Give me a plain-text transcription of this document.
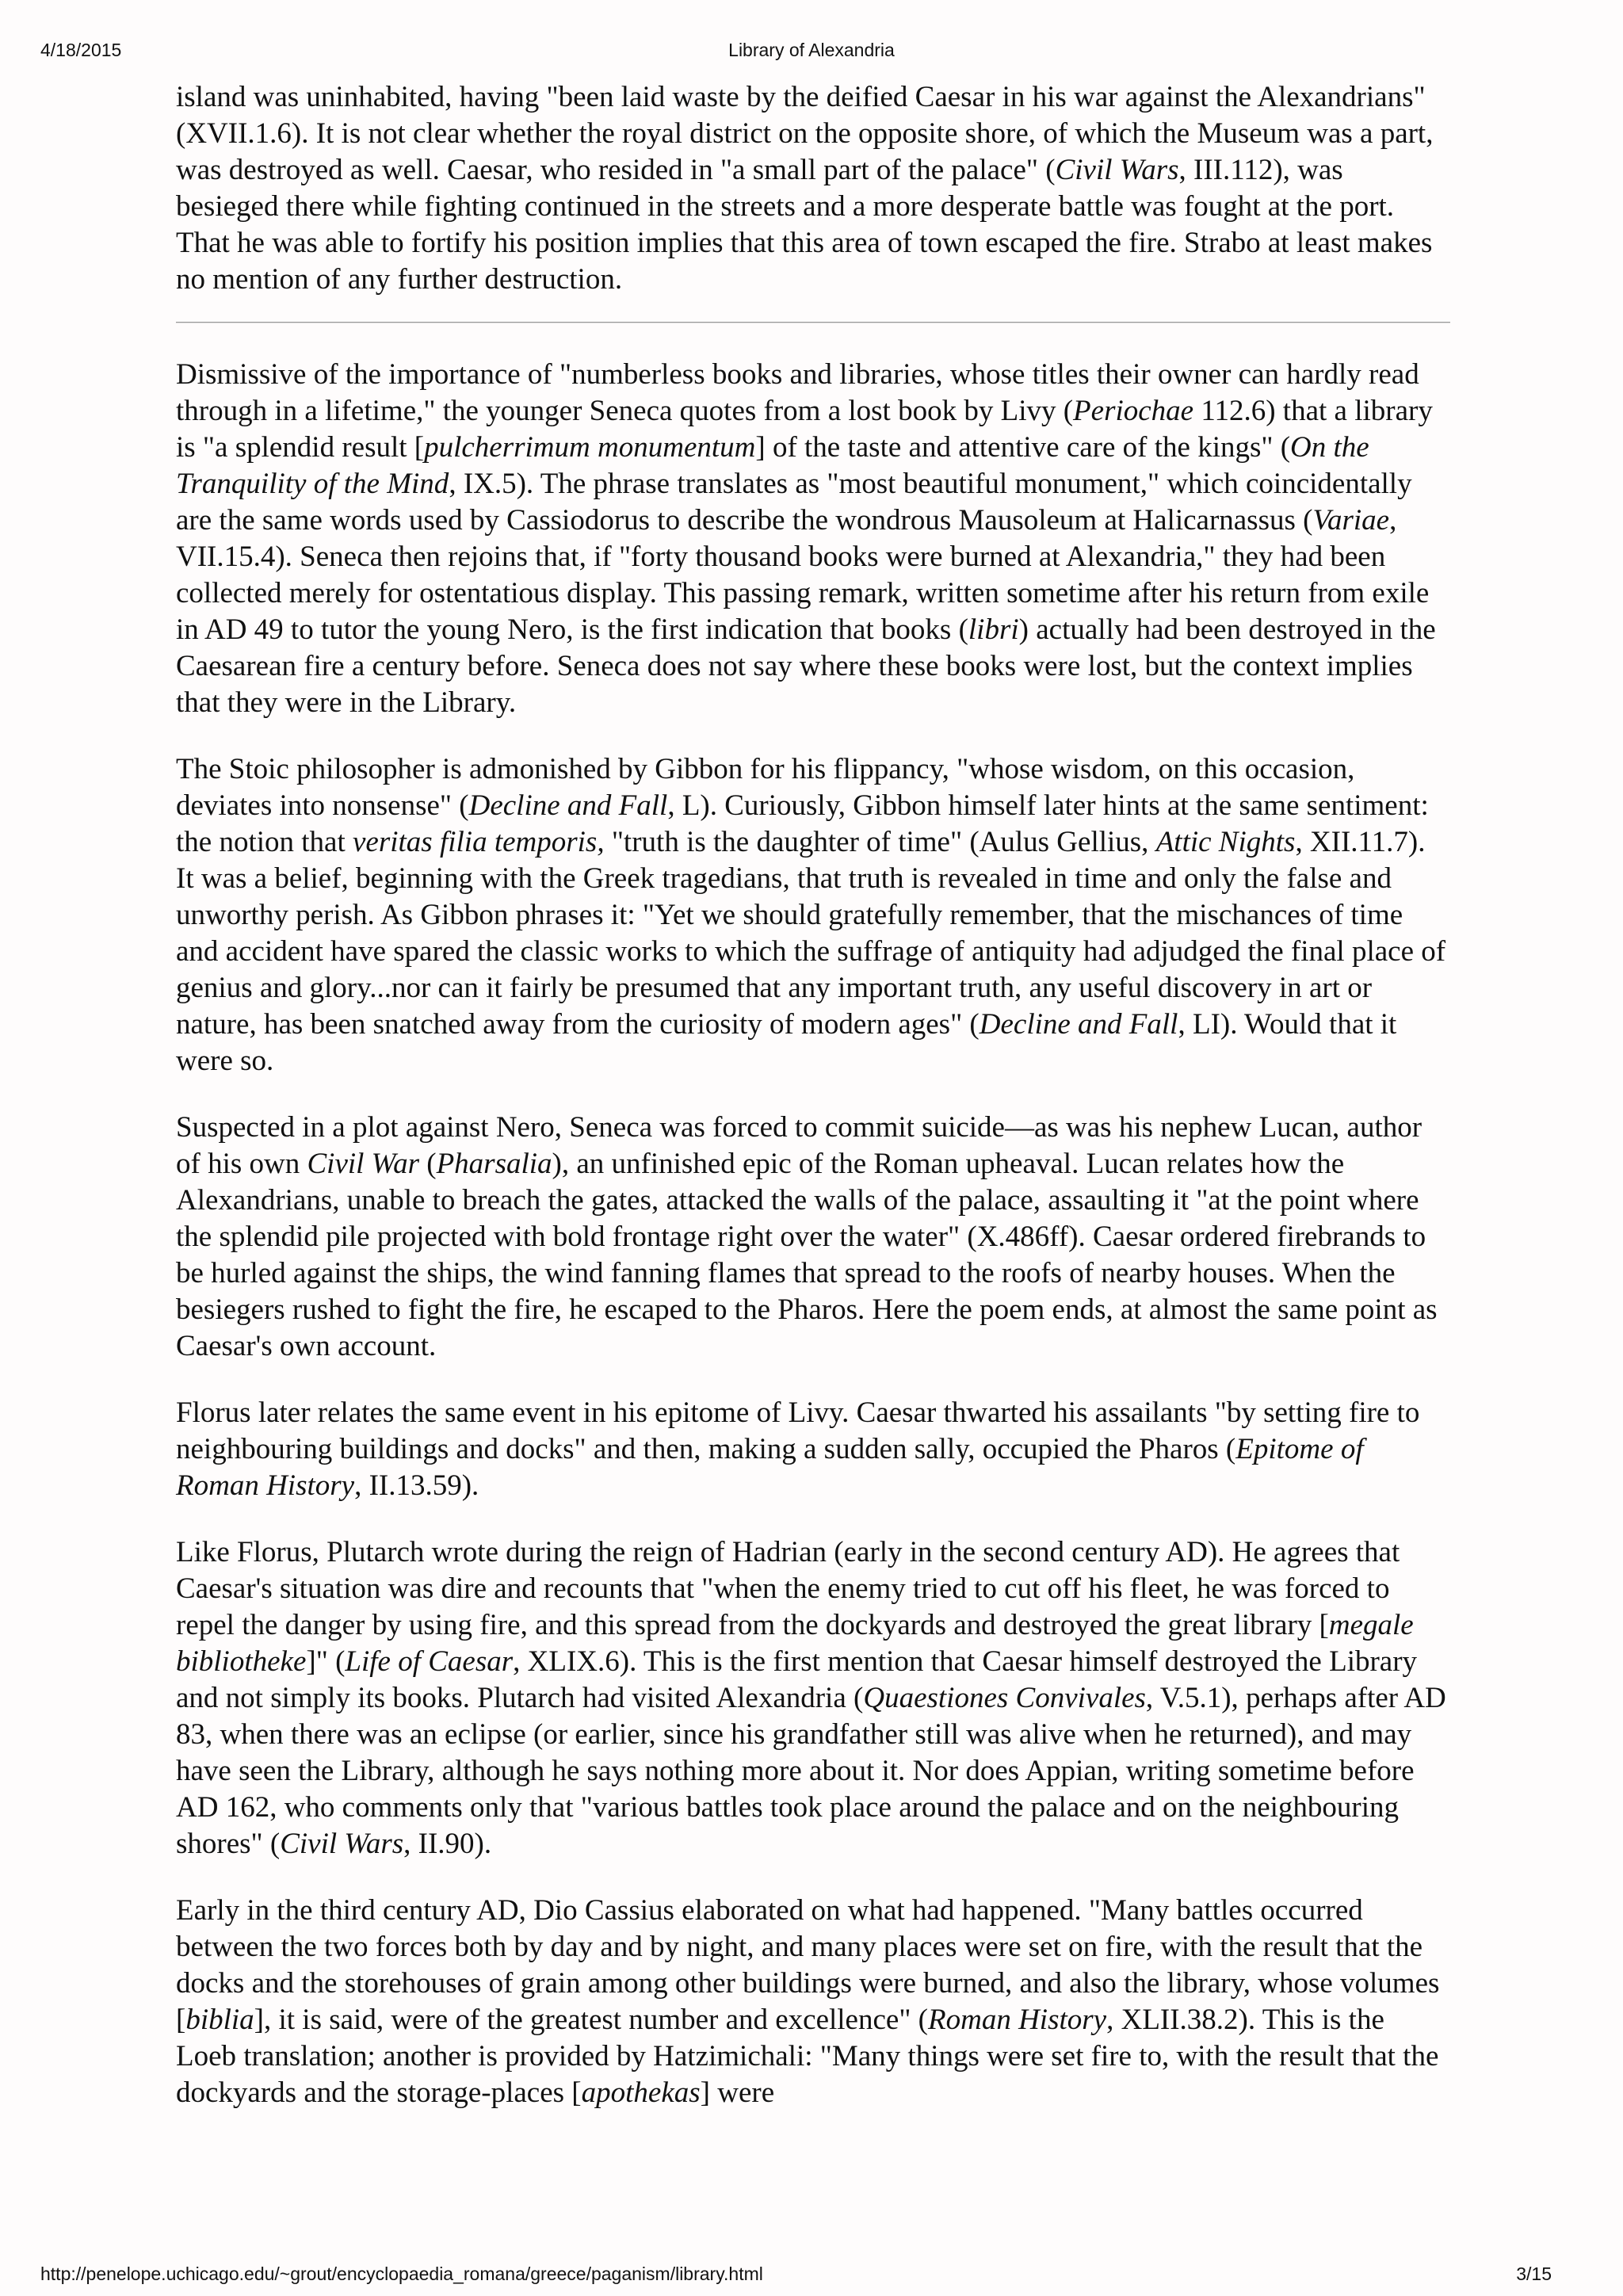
4/18/2015	Library of Alexandria

island was uninhabited, having "been laid waste by the deified Caesar in his war against the Alexandrians" (XVII.1.6). It is not clear whether the royal district on the opposite shore, of which the Museum was a part, was destroyed as well. Caesar, who resided in "a small part of the palace" (Civil Wars, III.112), was besieged there while fighting continued in the streets and a more desperate battle was fought at the port. That he was able to fortify his position implies that this area of town escaped the fire. Strabo at least makes no mention of any further destruction.

Dismissive of the importance of "numberless books and libraries, whose titles their owner can hardly read through in a lifetime," the younger Seneca quotes from a lost book by Livy (Periochae 112.6) that a library is "a splendid result [pulcherrimum monumentum] of the taste and attentive care of the kings" (On the Tranquility of the Mind, IX.5). The phrase translates as "most beautiful monument," which coincidentally are the same words used by Cassiodorus to describe the wondrous Mausoleum at Halicarnassus (Variae, VII.15.4). Seneca then rejoins that, if "forty thousand books were burned at Alexandria," they had been collected merely for ostentatious display. This passing remark, written sometime after his return from exile in AD 49 to tutor the young Nero, is the first indication that books (libri) actually had been destroyed in the Caesarean fire a century before. Seneca does not say where these books were lost, but the context implies that they were in the Library.

The Stoic philosopher is admonished by Gibbon for his flippancy, "whose wisdom, on this occasion, deviates into nonsense" (Decline and Fall, L). Curiously, Gibbon himself later hints at the same sentiment: the notion that veritas filia temporis, "truth is the daughter of time" (Aulus Gellius, Attic Nights, XII.11.7). It was a belief, beginning with the Greek tragedians, that truth is revealed in time and only the false and unworthy perish. As Gibbon phrases it: "Yet we should gratefully remember, that the mischances of time and accident have spared the classic works to which the suffrage of antiquity had adjudged the final place of genius and glory...nor can it fairly be presumed that any important truth, any useful discovery in art or nature, has been snatched away from the curiosity of modern ages" (Decline and Fall, LI). Would that it were so.

Suspected in a plot against Nero, Seneca was forced to commit suicide—as was his nephew Lucan, author of his own Civil War (Pharsalia), an unfinished epic of the Roman upheaval. Lucan relates how the Alexandrians, unable to breach the gates, attacked the walls of the palace, assaulting it "at the point where the splendid pile projected with bold frontage right over the water" (X.486ff). Caesar ordered firebrands to be hurled against the ships, the wind fanning flames that spread to the roofs of nearby houses. When the besiegers rushed to fight the fire, he escaped to the Pharos. Here the poem ends, at almost the same point as Caesar's own account.

Florus later relates the same event in his epitome of Livy. Caesar thwarted his assailants "by setting fire to neighbouring buildings and docks" and then, making a sudden sally, occupied the Pharos (Epitome of Roman History, II.13.59).

Like Florus, Plutarch wrote during the reign of Hadrian (early in the second century AD). He agrees that Caesar's situation was dire and recounts that "when the enemy tried to cut off his fleet, he was forced to repel the danger by using fire, and this spread from the dockyards and destroyed the great library [megale bibliotheke]" (Life of Caesar, XLIX.6). This is the first mention that Caesar himself destroyed the Library and not simply its books. Plutarch had visited Alexandria (Quaestiones Convivales, V.5.1), perhaps after AD 83, when there was an eclipse (or earlier, since his grandfather still was alive when he returned), and may have seen the Library, although he says nothing more about it. Nor does Appian, writing sometime before AD 162, who comments only that "various battles took place around the palace and on the neighbouring shores" (Civil Wars, II.90).

Early in the third century AD, Dio Cassius elaborated on what had happened. "Many battles occurred between the two forces both by day and by night, and many places were set on fire, with the result that the docks and the storehouses of grain among other buildings were burned, and also the library, whose volumes [biblia], it is said, were of the greatest number and excellence" (Roman History, XLII.38.2). This is the Loeb translation; another is provided by Hatzimichali: "Many things were set fire to, with the result that the dockyards and the storage-places [apothekas] were

http://penelope.uchicago.edu/~grout/encyclopaedia_romana/greece/paganism/library.html	3/15
